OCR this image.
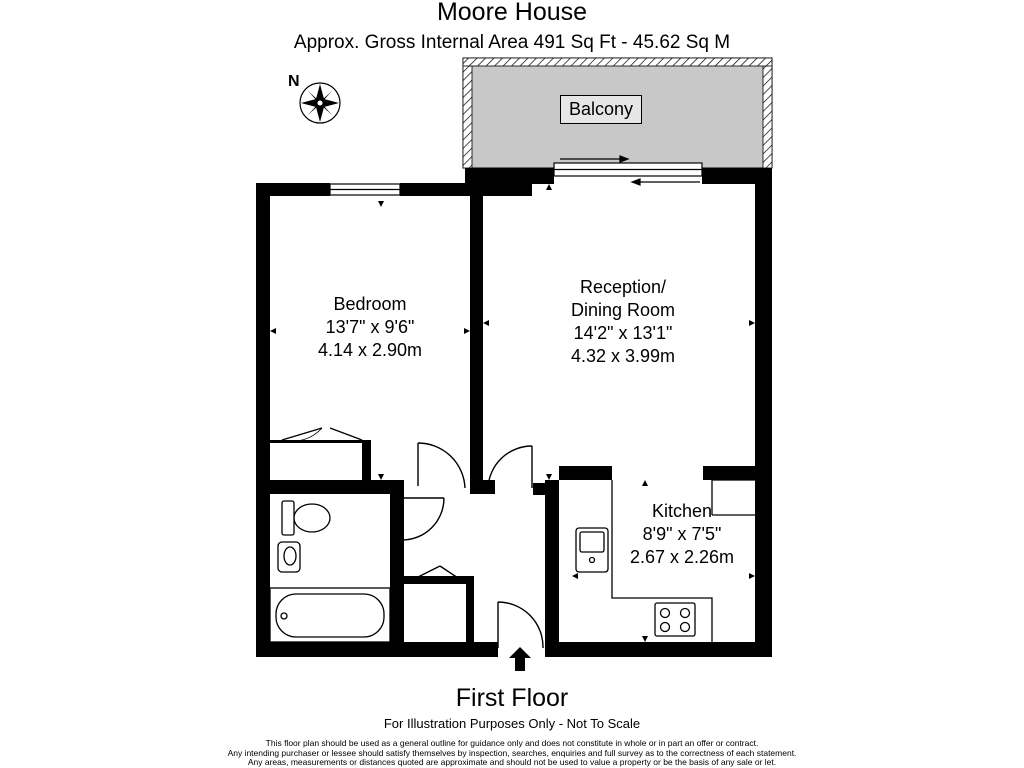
Moore House
Approx. Gross Internal Area 491 Sq Ft - 45.62 Sq M
N
Balcony
Bedroom
13'7" x 9'6"
4.14 x 2.90m
Reception/
Dining Room
14'2" x 13'1"
4.32 x 3.99m
Kitchen
8'9" x 7'5"
2.67 x 2.26m
First Floor
For Illustration Purposes Only - Not To Scale
This floor plan should be used as a general outline for guidance only and does not constitute in whole or in part an offer or contract.
Any intending purchaser or lessee should satisfy themselves by inspection, searches, enquiries and full survey as to the correctness of each statement.
Any areas, measurements or distances quoted are approximate and should not be used to value a property or be the basis of any sale or let.
